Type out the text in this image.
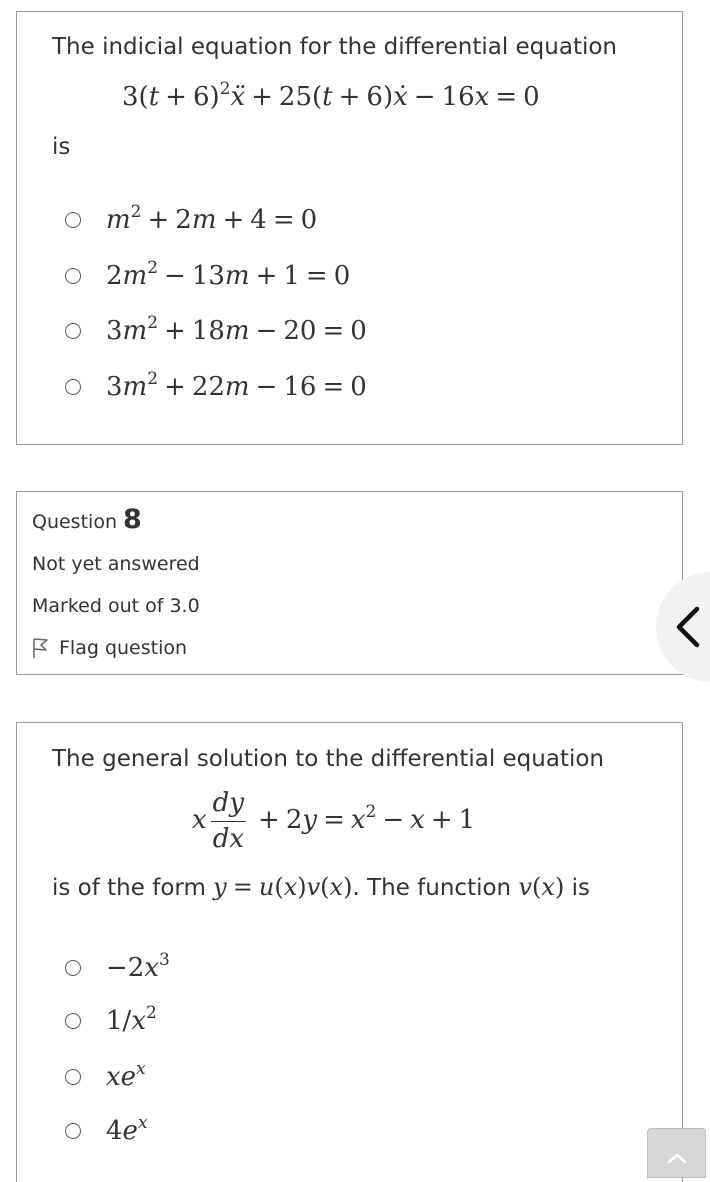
The indicial equation for the differential equation
$3(t + 6)^2ẍ + 25(t$ + 6)ẋ − 16x = 0
is
$m^2 + 2m + 4 = 0$
$2m^2 - 13m + 1 = 0$
$3m^2 + 18m - 20 = 0$
$3m^2 + 22m - 16 = 0$
Question 8
Not yet answered
Marked out of 3.0
Flag question
The general solution to the differential equation
x $\frac{dy}{dx} + 2y = x^2 - x + 1$
is of the form y = u(x)v(x). The function v(x) is
$-2x^3$
$1/x^2$
$xe^x$
$4e^x$
